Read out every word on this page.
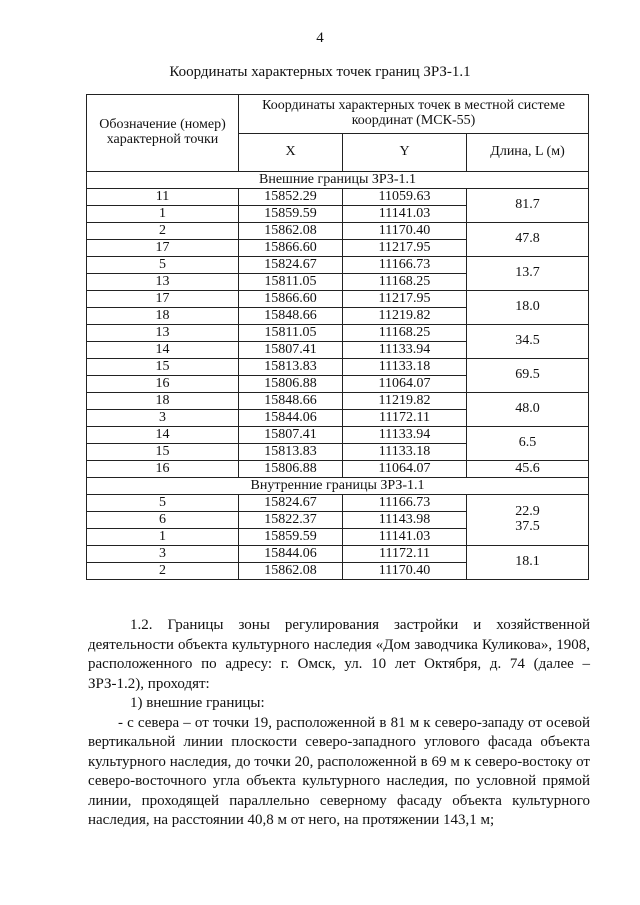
4
Координаты характерных точек границ ЗРЗ-1.1
Обозначение (номер) характерной точки	Координаты характерных точек в местной системе координат (МСК-55)		
	X	Y	Длина, L (м)
Внешние границы ЗРЗ-1.1			
11	15852.29	11059.63	81.7
1	15859.59	11141.03	
2	15862.08	11170.40	47.8
17	15866.60	11217.95	
5	15824.67	11166.73	13.7
13	15811.05	11168.25	
17	15866.60	11217.95	18.0
18	15848.66	11219.82	
13	15811.05	11168.25	34.5
14	15807.41	11133.94	
15	15813.83	11133.18	69.5
16	15806.88	11064.07	
18	15848.66	11219.82	48.0
3	15844.06	11172.11	
14	15807.41	11133.94	6.5
15	15813.83	11133.18	
16	15806.88	11064.07	45.6
Внутренние границы ЗРЗ-1.1			
5	15824.67	11166.73	22.9
37.5

6	15822.37	11143.98	
1	15859.59	11141.03	
3	15844.06	11172.11	18.1
2	15862.08	11170.40	

1.2. Границы зоны регулирования застройки и хозяйственной деятельности объекта культурного наследия «Дом заводчика Куликова», 1908, расположенного по адресу: г. Омск, ул. 10 лет Октября, д. 74 (далее – ЗРЗ-1.2), проходят:

1) внешние границы:

- с севера – от точки 19, расположенной в 81 м к северо-западу от осевой вертикальной линии плоскости северо-западного углового фасада объекта культурного наследия, до точки 20, расположенной в 69 м к северо-востоку от северо-восточного угла объекта культурного наследия, по условной прямой линии, проходящей параллельно северному фасаду объекта культурного наследия, на расстоянии 40,8 м от него, на протяжении 143,1 м;
